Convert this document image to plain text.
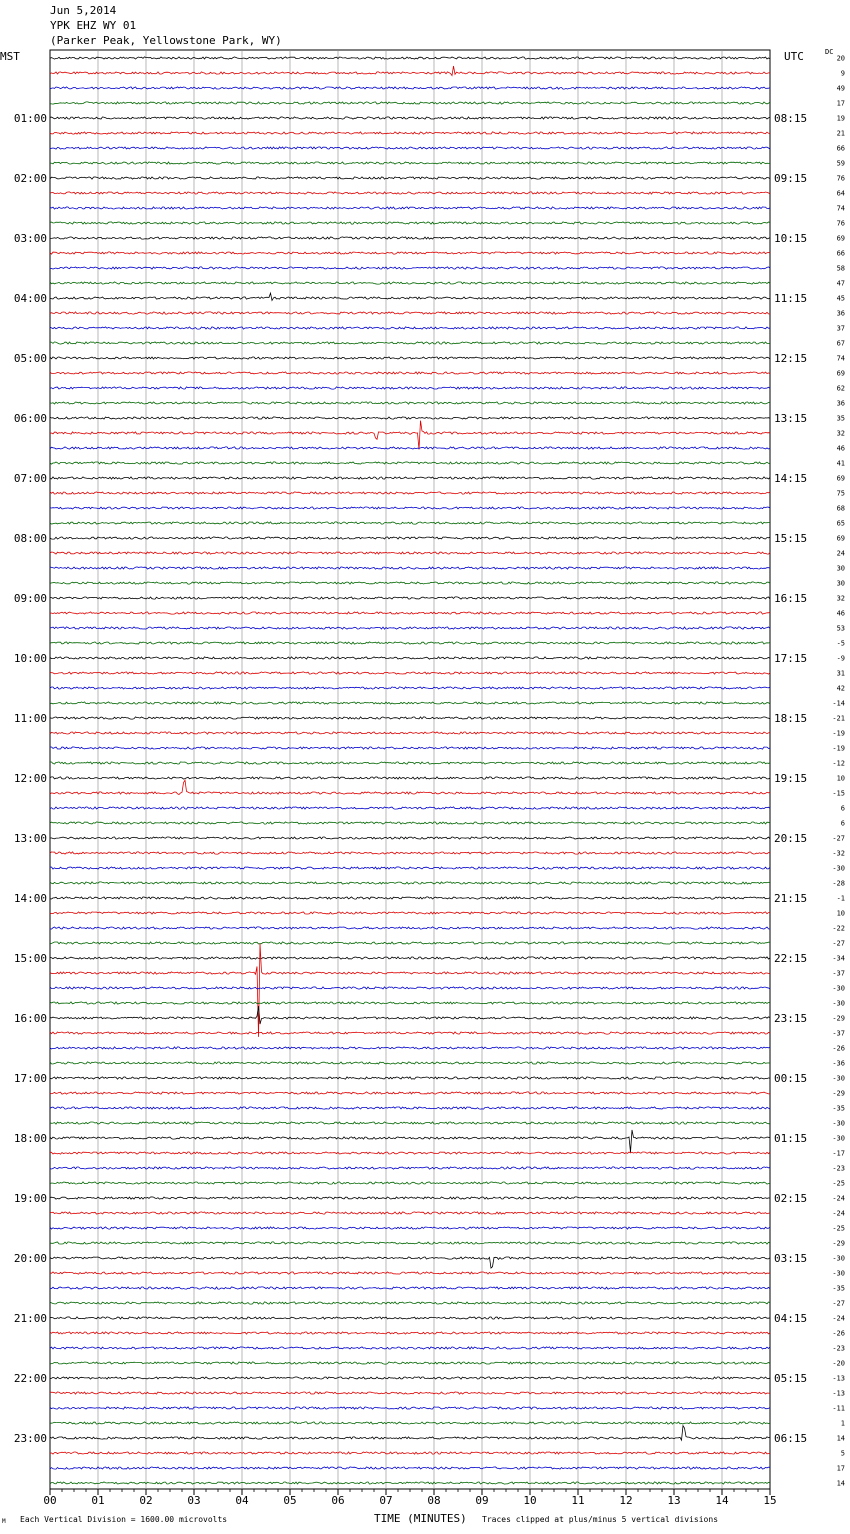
Jun 5,2014
YPK EHZ WY 01
(Parker Peak, Yellowstone Park, WY)
MST	UTC	DC
M Each Vertical Division = 1600.00 microvolts	TIME (MINUTES) Traces clipped at plus/minus 5 vertical divisions
20
9
49
17
19
01:00	08:15
21
66
59
76
02:00	09:15
64
74
76
69
03:00	10:15
66
58
47
45
04:00	11:15
36
37
67
74
05:00	12:15
69
62
36
35
06:00	13:15
32
46
41
69
07:00	14:15
75
68
65
69
08:00	15:15
24
30
30
32
09:00	16:15
46
53
-5
-9
10:00	17:15
31
42
-14
-21
11:00	18:15
-19
-19
-12
10
12:00	19:15
-15
6
6
-27
13:00	20:15
-32
-30
-28
-1
14:00	21:15
10
-22
-27
-34
15:00	22:15
-37
-30
-30
-29
16:00	23:15
-37
-26
-36
-30
17:00	00:15
-29
-35
-30
-30
18:00	01:15
-17
-23
-25
-24
19:00	02:15
-24
-25
-29
-30
20:00	03:15
-30
-35
-27
-24
21:00	04:15
-26
-23
-20
-13
22:00	05:15
-13
-11
1
14
23:00	06:15
5
17
14
00	01	02	03	04	05	06	07	08	09	10	11	12	13	14	15
